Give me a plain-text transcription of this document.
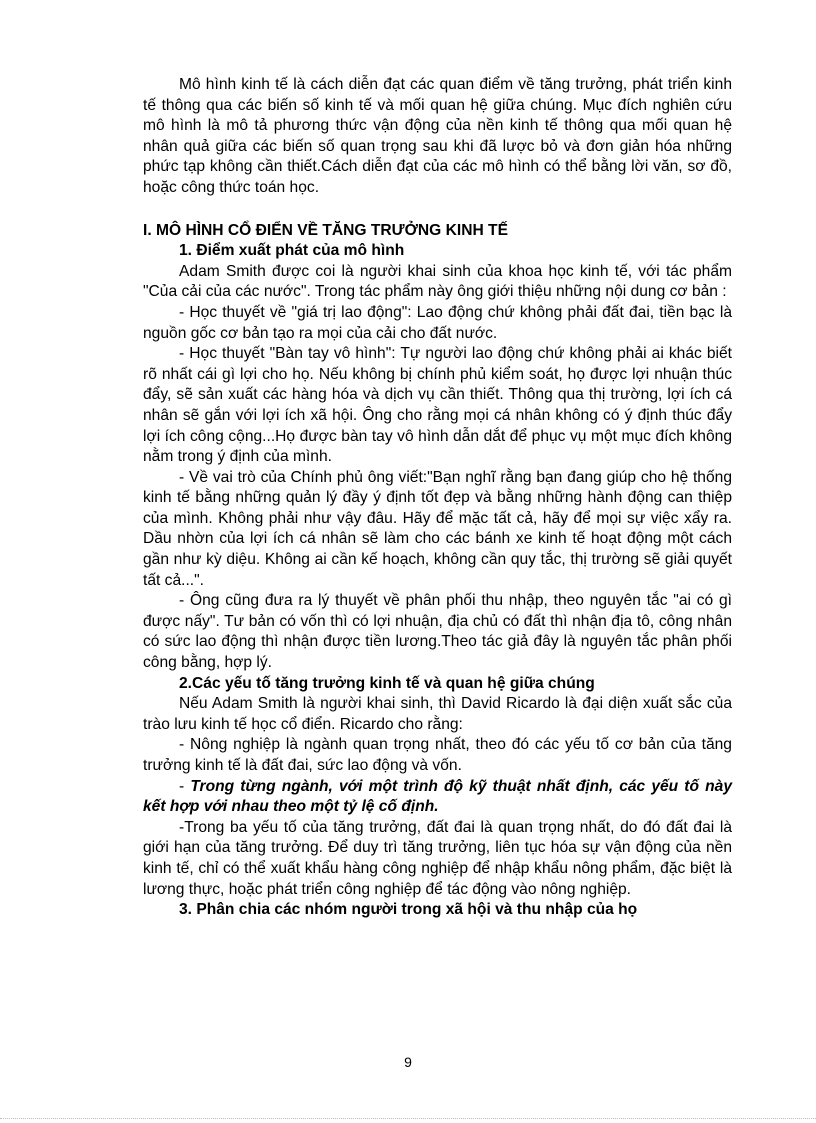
Mô hình kinh tế là cách diễn đạt các quan điểm về tăng trưởng, phát triển kinh tế thông qua các biến số kinh tế và mối quan hệ giữa chúng. Mục đích nghiên cứu mô hình là mô tả phương thức vận động của nền kinh tế thông qua mối quan hệ nhân quả giữa các biến số quan trọng sau khi đã lược bỏ và đơn giản hóa những phức tạp không cần thiết.Cách diễn đạt của các mô hình có thể bằng lời văn, sơ đồ, hoặc công thức toán học.

I. MÔ HÌNH CỔ ĐIỂN VỀ TĂNG TRƯỞNG KINH TẾ

1. Điểm xuất phát của mô hình

Adam Smith được coi là người khai sinh của khoa học kinh tế, với tác phẩm "Của cải của các nước". Trong tác phẩm này ông giới thiệu những nội dung cơ bản :

- Học thuyết về "giá trị lao động": Lao động chứ không phải đất đai, tiền bạc là nguồn gốc cơ bản tạo ra mọi của cải cho đất nước.

- Học thuyết "Bàn tay vô hình": Tự người lao động chứ không phải ai khác biết rõ nhất cái gì lợi cho họ. Nếu không bị chính phủ kiểm soát, họ được lợi nhuận thúc đẩy, sẽ sản xuất các hàng hóa và dịch vụ cần thiết. Thông qua thị trường, lợi ích cá nhân sẽ gắn với lợi ích xã hội. Ông cho rằng mọi cá nhân không có ý định thúc đẩy lợi ích công cộng...Họ được bàn tay vô hình dẫn dắt để phục vụ một mục đích không nằm trong ý định của mình.

- Về vai trò của Chính phủ ông viết:"Bạn nghĩ rằng bạn đang giúp cho hệ thống kinh tế bằng những quản lý đầy ý định tốt đẹp và bằng những hành động can thiệp của mình. Không phải như vậy đâu. Hãy để mặc tất cả, hãy để mọi sự việc xẩy ra. Dầu nhờn của lợi ích cá nhân sẽ làm cho các bánh xe kinh tế hoạt động một cách gần như kỳ diệu. Không ai cần kế hoạch, không cần quy tắc, thị trường sẽ giải quyết tất cả...".

- Ông cũng đưa ra lý thuyết về phân phối thu nhập, theo nguyên tắc "ai có gì được nấy". Tư bản có vốn thì có lợi nhuận, địa chủ có đất thì nhận địa tô, công nhân có sức lao động thì nhận được tiền lương.Theo tác giả đây là nguyên tắc phân phối công bằng, hợp lý.

2.Các yếu tố tăng trưởng kinh tế và quan hệ giữa chúng

Nếu Adam Smith là người khai sinh, thì David Ricardo là đại diện xuất sắc của trào lưu kinh tế học cổ điển. Ricardo cho rằng:

- Nông nghiệp là ngành quan trọng nhất, theo đó các yếu tố cơ bản của tăng trưởng kinh tế là đất đai, sức lao động và vốn.

- Trong từng ngành, với một trình độ kỹ thuật nhất định, các yếu tố này kết hợp với nhau theo một tỷ lệ cố định.

-Trong ba yếu tố của tăng trưởng, đất đai là quan trọng nhất, do đó đất đai là giới hạn của tăng trưởng. Để duy trì tăng trưởng, liên tục hóa sự vận động của nền kinh tế, chỉ có thể xuất khẩu hàng công nghiệp để nhập khẩu nông phẩm, đặc biệt là lương thực, hoặc phát triển công nghiệp để tác động vào nông nghiệp.

3. Phân chia các nhóm người trong xã hội và thu nhập của họ

9
